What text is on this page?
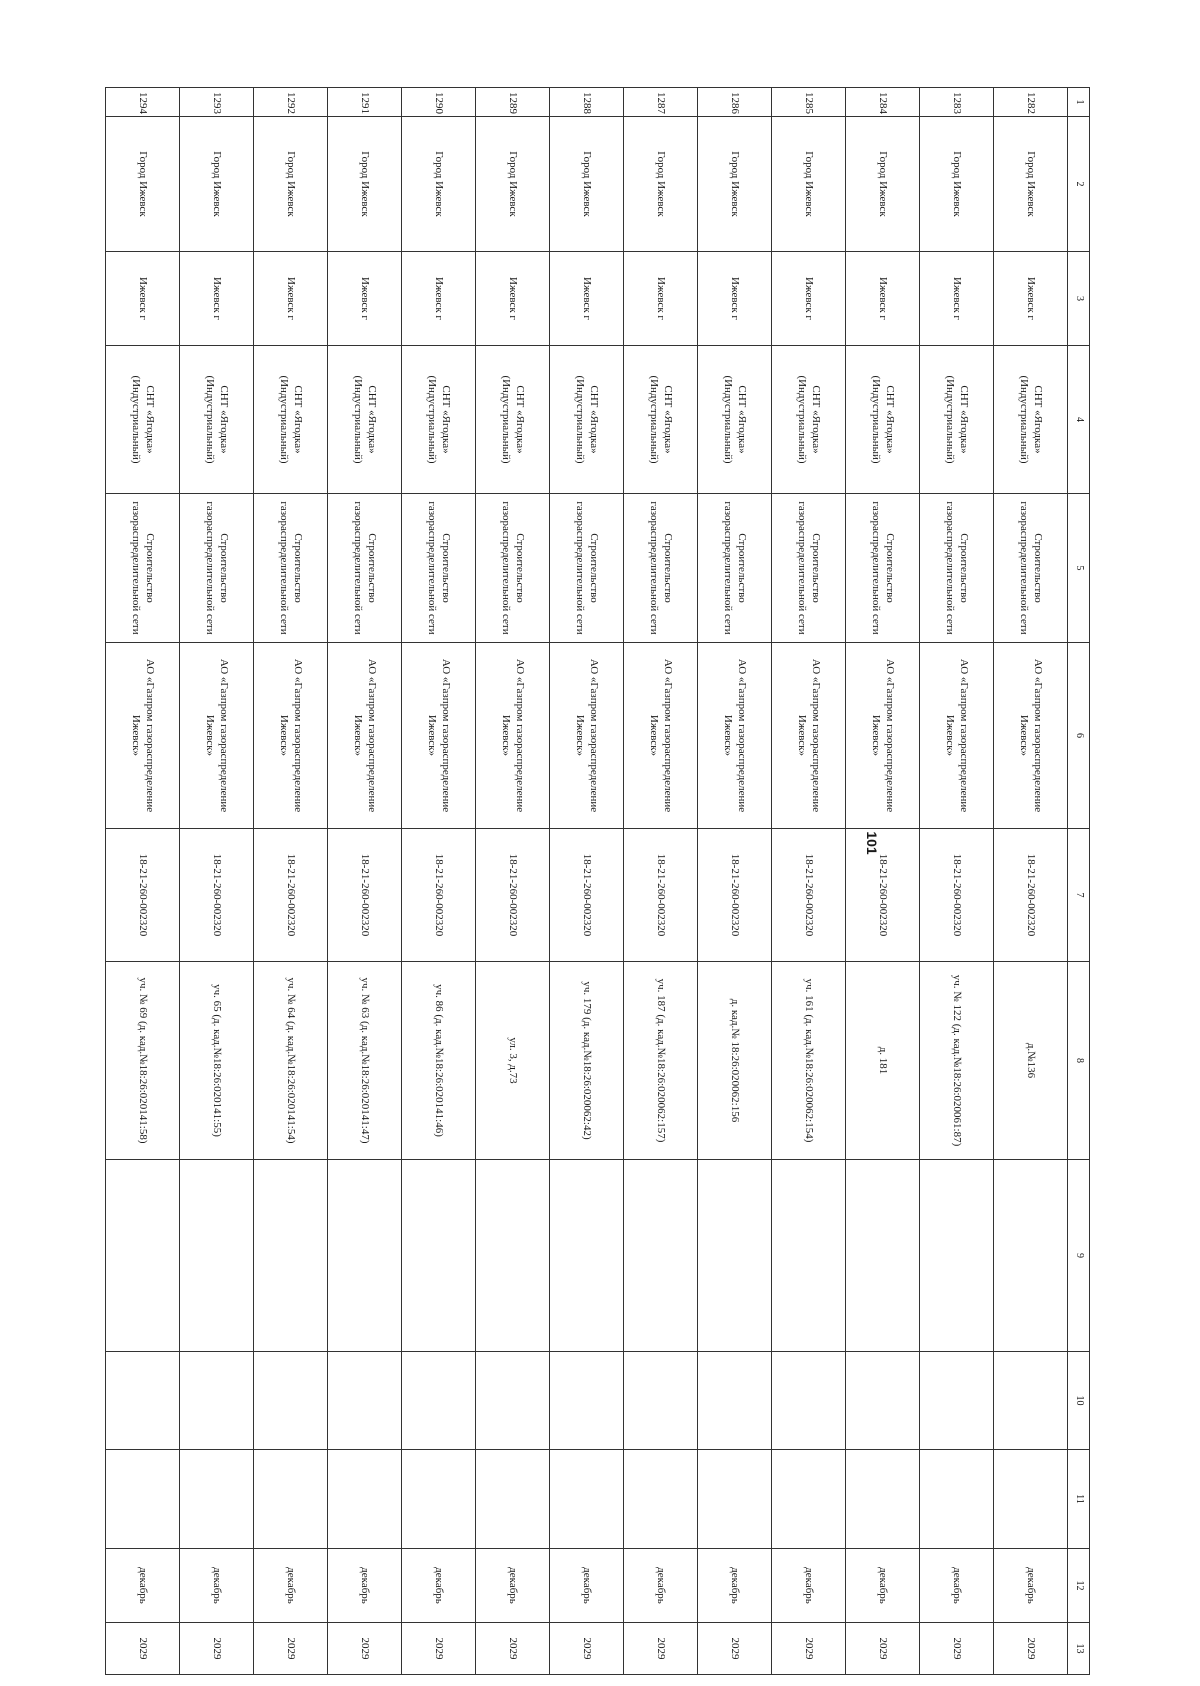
101
1	2	3	4	5	6	7	8	9	10	11	12	13
1282	Город Ижевск	Ижевск г	СНТ «Ягодка» (Индустриальный)	Строительство газораспределительной сети	АО «Газпром газораспределение Ижевск»	18-21-260-002320	д.№136				декабрь	2029
1283	Город Ижевск	Ижевск г	СНТ «Ягодка» (Индустриальный)	Строительство газораспределительной сети	АО «Газпром газораспределение Ижевск»	18-21-260-002320	уч. № 122 (д. кад.№18:26:020061:87)				декабрь	2029
1284	Город Ижевск	Ижевск г	СНТ «Ягодка» (Индустриальный)	Строительство газораспределительной сети	АО «Газпром газораспределение Ижевск»	18-21-260-002320	д. 181				декабрь	2029
1285	Город Ижевск	Ижевск г	СНТ «Ягодка» (Индустриальный)	Строительство газораспределительной сети	АО «Газпром газораспределение Ижевск»	18-21-260-002320	уч. 161 (д. кад.№18:26:020062:154)				декабрь	2029
1286	Город Ижевск	Ижевск г	СНТ «Ягодка» (Индустриальный)	Строительство газораспределительной сети	АО «Газпром газораспределение Ижевск»	18-21-260-002320	д. кад.№ 18:26:020062:156				декабрь	2029
1287	Город Ижевск	Ижевск г	СНТ «Ягодка» (Индустриальный)	Строительство газораспределительной сети	АО «Газпром газораспределение Ижевск»	18-21-260-002320	уч. 187 (д. кад.№18:26:020062:157)				декабрь	2029
1288	Город Ижевск	Ижевск г	СНТ «Ягодка» (Индустриальный)	Строительство газораспределительной сети	АО «Газпром газораспределение Ижевск»	18-21-260-002320	уч. 179 (д. кад.№18:26:020062:42)				декабрь	2029
1289	Город Ижевск	Ижевск г	СНТ «Ягодка» (Индустриальный)	Строительство газораспределительной сети	АО «Газпром газораспределение Ижевск»	18-21-260-002320	ул. 3, д.73				декабрь	2029
1290	Город Ижевск	Ижевск г	СНТ «Ягодка» (Индустриальный)	Строительство газораспределительной сети	АО «Газпром газораспределение Ижевск»	18-21-260-002320	уч. 86 (д. кад.№18:26:020141:46)				декабрь	2029
1291	Город Ижевск	Ижевск г	СНТ «Ягодка» (Индустриальный)	Строительство газораспределительной сети	АО «Газпром газораспределение Ижевск»	18-21-260-002320	уч. № 63 (д. кад.№18:26:020141:47)				декабрь	2029
1292	Город Ижевск	Ижевск г	СНТ «Ягодка» (Индустриальный)	Строительство газораспределительной сети	АО «Газпром газораспределение Ижевск»	18-21-260-002320	уч. № 64 (д. кад.№18:26:020141:54)				декабрь	2029
1293	Город Ижевск	Ижевск г	СНТ «Ягодка» (Индустриальный)	Строительство газораспределительной сети	АО «Газпром газораспределение Ижевск»	18-21-260-002320	уч. 65 (д. кад.№18:26:020141:55)				декабрь	2029
1294	Город Ижевск	Ижевск г	СНТ «Ягодка» (Индустриальный)	Строительство газораспределительной сети	АО «Газпром газораспределение Ижевск»	18-21-260-002320	уч. № 69 (д. кад.№18:26:020141:58)				декабрь	2029
